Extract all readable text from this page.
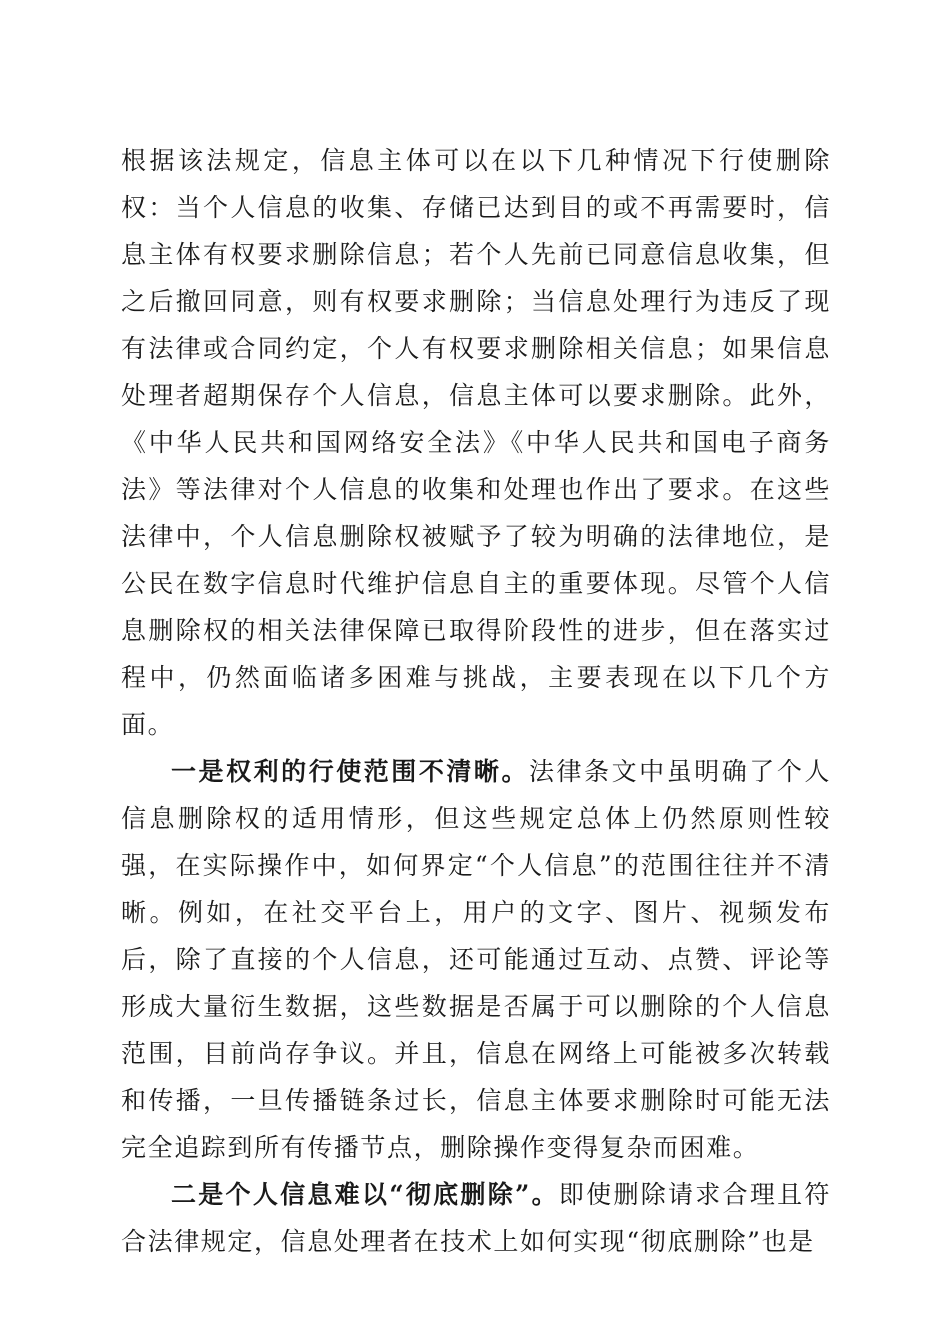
根据该法规定，信息主体可以在以下几种情况下行使删除权：当个人信息的收集、存储已达到目的或不再需要时，信息主体有权要求删除信息；若个人先前已同意信息收集，但之后撤回同意，则有权要求删除；当信息处理行为违反了现有法律或合同约定，个人有权要求删除相关信息；如果信息处理者超期保存个人信息，信息主体可以要求删除。此外，《中华人民共和国网络安全法》《中华人民共和国电子商务法》等法律对个人信息的收集和处理也作出了要求。在这些法律中，个人信息删除权被赋予了较为明确的法律地位，是公民在数字信息时代维护信息自主的重要体现。尽管个人信息删除权的相关法律保障已取得阶段性的进步，但在落实过程中，仍然面临诸多困难与挑战，主要表现在以下几个方面。

一是权利的行使范围不清晰。法律条文中虽明确了个人信息删除权的适用情形，但这些规定总体上仍然原则性较强，在实际操作中，如何界定“个人信息”的范围往往并不清晰。例如，在社交平台上，用户的文字、图片、视频发布后，除了直接的个人信息，还可能通过互动、点赞、评论等形成大量衍生数据，这些数据是否属于可以删除的个人信息范围，目前尚存争议。并且，信息在网络上可能被多次转载和传播，一旦传播链条过长，信息主体要求删除时可能无法完全追踪到所有传播节点，删除操作变得复杂而困难。

二是个人信息难以“彻底删除”。即使删除请求合理且符合法律规定，信息处理者在技术上如何实现“彻底删除”也是
